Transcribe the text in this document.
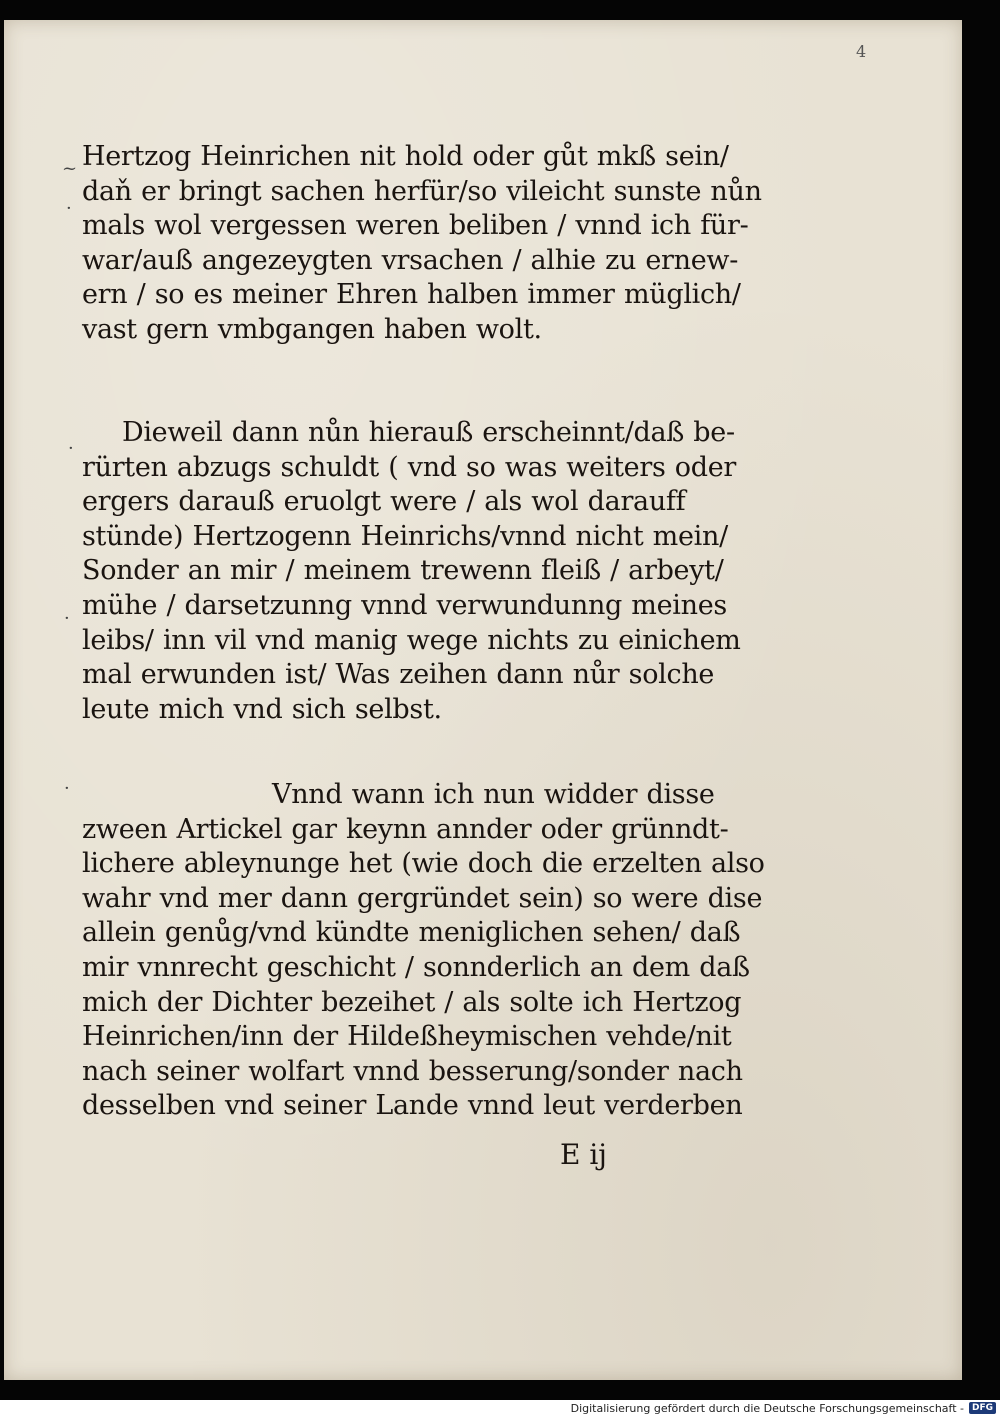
4
~
·
·
·
·
Hertzog Heinrichen nit hold oder gůt mkß sein/
daň er bringt sachen herfür/so vileicht sunste nůn
mals wol vergessen weren beliben / vnnd ich für-
war/auß angezeygten vrsachen / alhie zu ernew-
ern / so es meiner Ehren halben immer müglich/
vast gern vmbgangen haben wolt.
Dieweil dann nůn hierauß erscheinnt/daß be-
rürten abzugs schuldt ( vnd so was weiters oder
ergers darauß eruolgt were / als wol darauff
stünde) Hertzogenn Heinrichs/vnnd nicht mein/
Sonder an mir / meinem trewenn fleiß / arbeyt/
mühe / darsetzunng vnnd verwundunng meines
leibs/ inn vil vnd manig wege nichts zu einichem
mal erwunden ist/ Was zeihen dann nůr solche
leute mich vnd sich selbst.
Vnnd wann ich nun widder disse
zween Artickel gar keynn annder oder grünndt-
lichere ableynunge het (wie doch die erzelten also
wahr vnd mer dann gergründet sein) so were dise
allein genůg/vnd kündte meniglichen sehen/ daß
mir vnnrecht geschicht / sonnderlich an dem daß
mich der Dichter bezeihet / als solte ich Hertzog
Heinrichen/inn der Hildeßheymischen vehde/nit
nach seiner wolfart vnnd besserung/sonder nach
desselben vnd seiner Lande vnnd leut verderben
E ij
Digitalisierung gefördert durch die Deutsche Forschungsgemeinschaft - DFG
